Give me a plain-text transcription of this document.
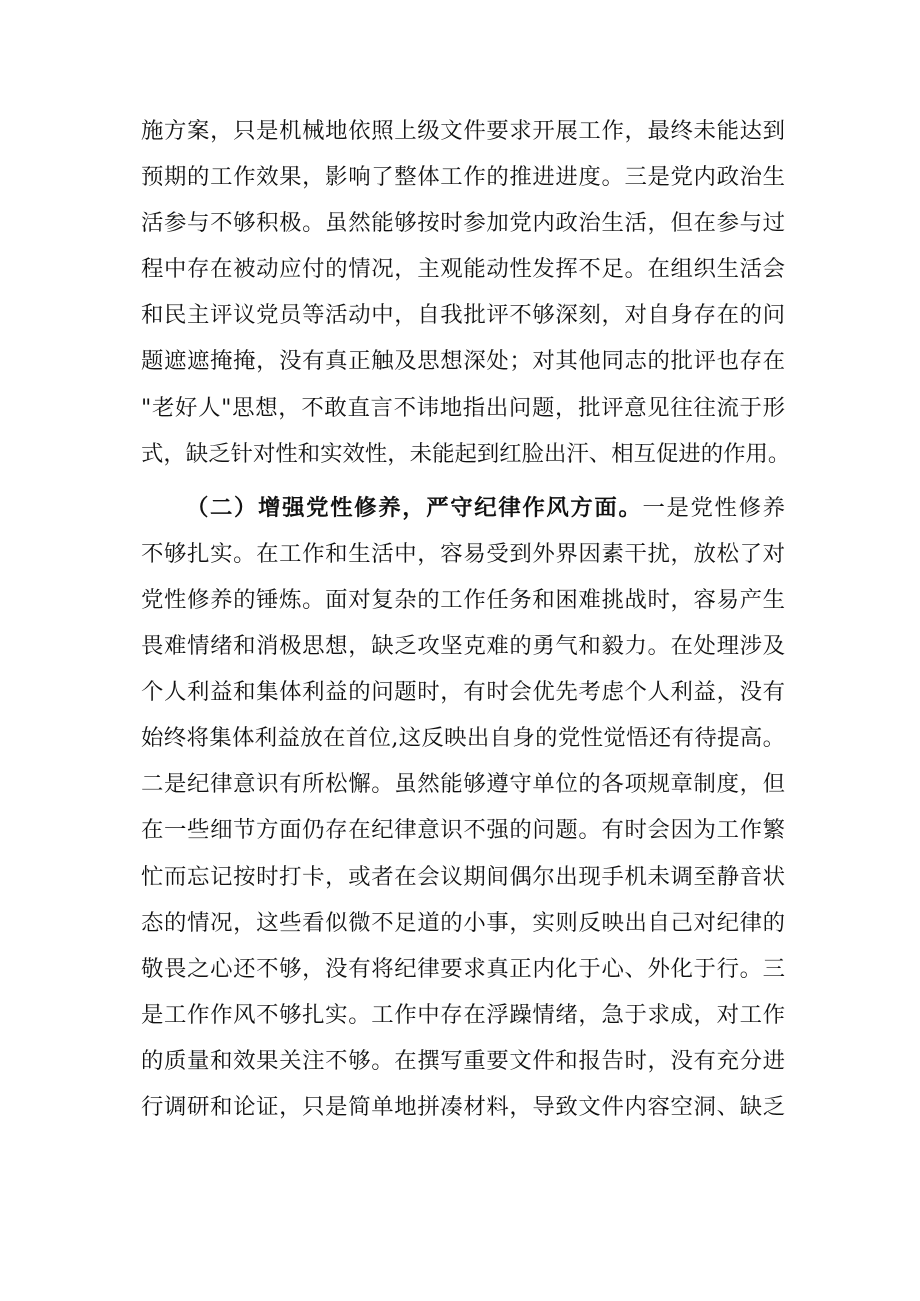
施方案，只是机械地依照上级文件要求开展工作，最终未能达到
预期的工作效果，影响了整体工作的推进进度。三是党内政治生
活参与不够积极。虽然能够按时参加党内政治生活，但在参与过
程中存在被动应付的情况，主观能动性发挥不足。在组织生活会
和民主评议党员等活动中，自我批评不够深刻，对自身存在的问
题遮遮掩掩，没有真正触及思想深处；对其他同志的批评也存在
"老好人"思想，不敢直言不讳地指出问题，批评意见往往流于形
式，缺乏针对性和实效性，未能起到红脸出汗、相互促进的作用。
（二）增强党性修养，严守纪律作风方面。一是党性修养
不够扎实。在工作和生活中，容易受到外界因素干扰，放松了对
党性修养的锤炼。面对复杂的工作任务和困难挑战时，容易产生
畏难情绪和消极思想，缺乏攻坚克难的勇气和毅力。在处理涉及
个人利益和集体利益的问题时，有时会优先考虑个人利益，没有
始终将集体利益放在首位,这反映出自身的党性觉悟还有待提高。
二是纪律意识有所松懈。虽然能够遵守单位的各项规章制度，但
在一些细节方面仍存在纪律意识不强的问题。有时会因为工作繁
忙而忘记按时打卡，或者在会议期间偶尔出现手机未调至静音状
态的情况，这些看似微不足道的小事，实则反映出自己对纪律的
敬畏之心还不够，没有将纪律要求真正内化于心、外化于行。三
是工作作风不够扎实。工作中存在浮躁情绪，急于求成，对工作
的质量和效果关注不够。在撰写重要文件和报告时，没有充分进
行调研和论证，只是简单地拼凑材料，导致文件内容空洞、缺乏
